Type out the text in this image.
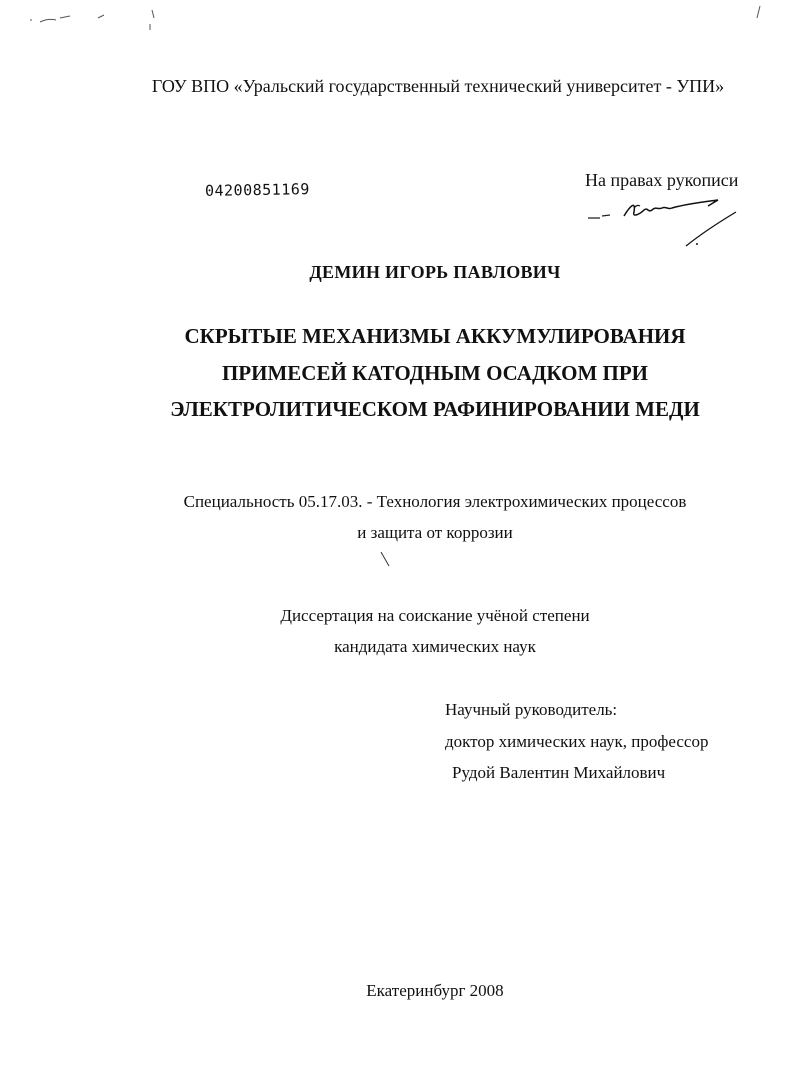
ГОУ ВПО «Уральский государственный технический университет - УПИ»
04200851169	На правах рукописи
ДЕМИН ИГОРЬ ПАВЛОВИЧ
СКРЫТЫЕ МЕХАНИЗМЫ АККУМУЛИРОВАНИЯ
ПРИМЕСЕЙ КАТОДНЫМ ОСАДКОМ ПРИ
ЭЛЕКТРОЛИТИЧЕСКОМ РАФИНИРОВАНИИ МЕДИ
Специальность 05.17.03. - Технология электрохимических процессов
и защита от коррозии
Диссертация на соискание учёной степени
кандидата химических наук
Научный руководитель:
доктор химических наук, профессор
Рудой Валентин Михайлович
Екатеринбург 2008
